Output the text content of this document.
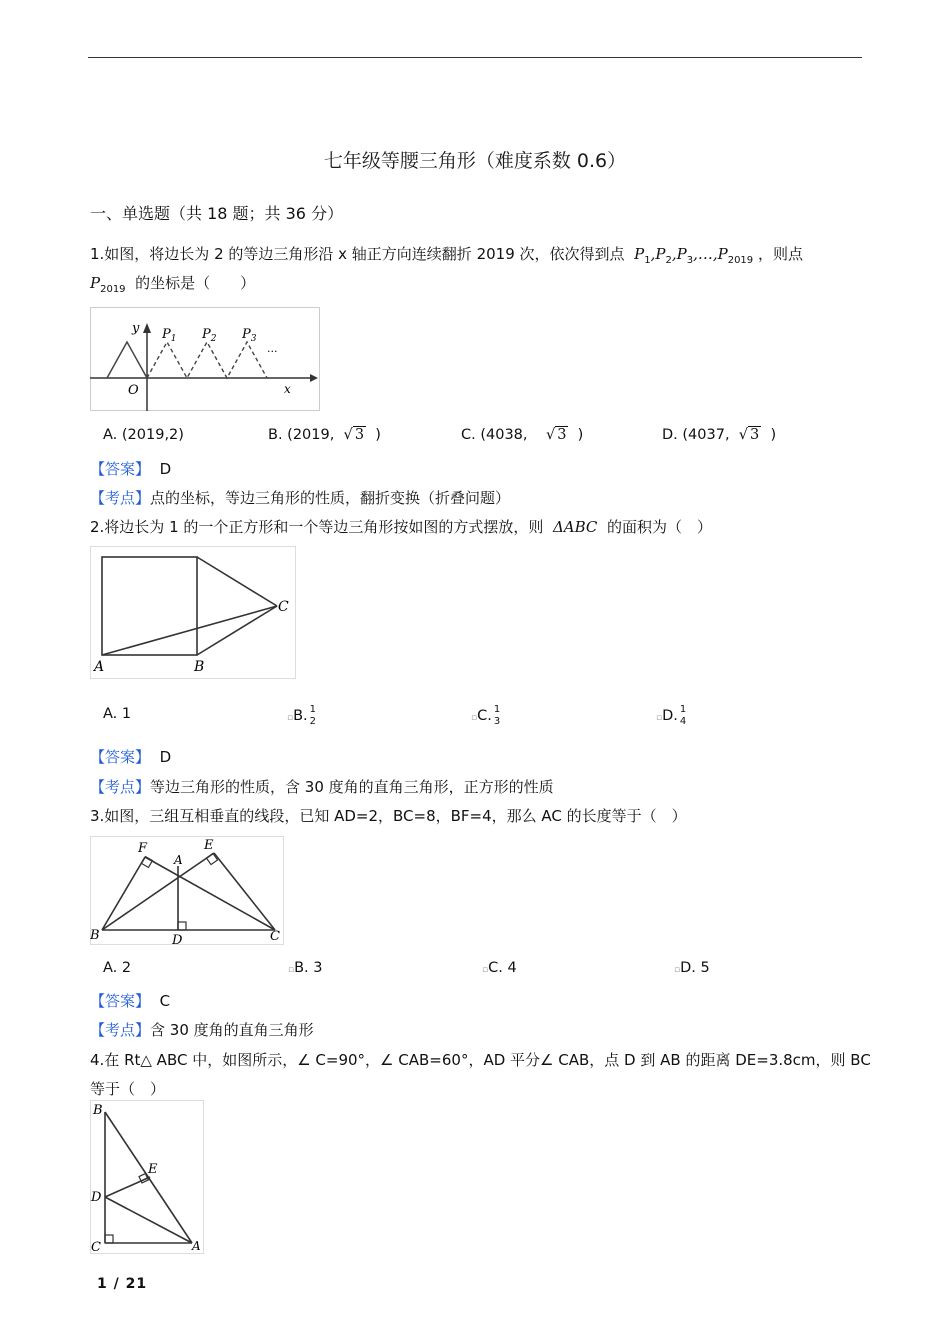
七年级等腰三角形（难度系数 0.6）
一、单选题（共 18 题；共 36 分）
1.如图，将边长为 2 的等边三角形沿 x 轴正方向连续翻折 2019 次，依次得到点  $P_1,P_2,P_3,\dots,P_{2019}$ ，则点
$P_{2019}$ 的坐标是（　　）
y $P_1$ $P_2$ $P_3$
···
O	x
A. (2019,2)	B. (2019,  √ 3 )	C. (4038,    √ 3 )	D. (4037, √ 3 )
【答案】 D
【考点】点的坐标，等边三角形的性质，翻折变换（折叠问题）
2.将边长为 1 的一个正方形和一个等边三角形按如图的方式摆放，则 ΔABC 的面积为（　）
A	B
C
A. 1	▫B. 1
2	▫C. 1
3	▫D. 1
4
【答案】 D
【考点】等边三角形的性质，含 30 度角的直角三角形，正方形的性质
3.如图，三组互相垂直的线段，已知 AD=2，BC=8，BF=4，那么 AC 的长度等于（　）
F
A
E
B	D	C
A. 2	▫B. 3	▫C. 4	▫D. 5
【答案】 C
【考点】含 30 度角的直角三角形
4.在 Rt△ ABC 中，如图所示，∠ C=90°，∠ CAB=60°，AD 平分∠ CAB，点 D 到 AB 的距离 DE=3.8cm，则 BC
等于（　）
B
E
D
C	A
1 / 21
